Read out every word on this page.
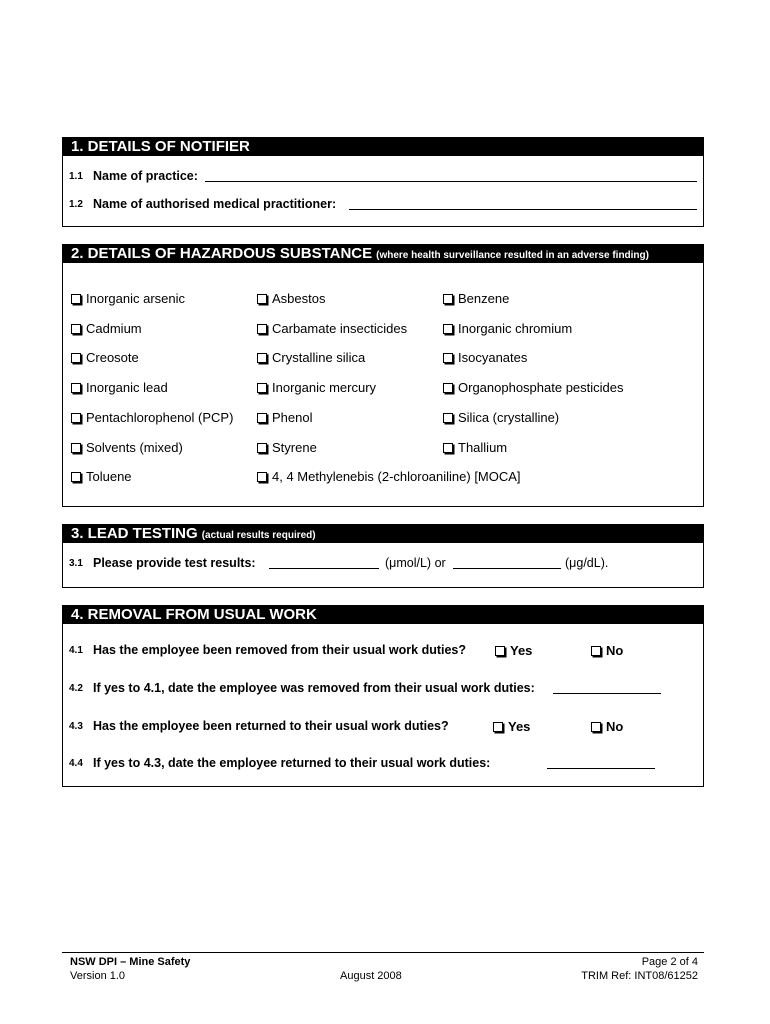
1. DETAILS OF NOTIFIER
1.1 Name of practice:
1.2 Name of authorised medical practitioner:
2. DETAILS OF HAZARDOUS SUBSTANCE (where health surveillance resulted in an adverse finding)
Inorganic arsenic	Asbestos	Benzene
Cadmium	Carbamate insecticides	Inorganic chromium
Creosote	Crystalline silica	Isocyanates
Inorganic lead	Inorganic mercury	Organophosphate pesticides
Pentachlorophenol (PCP)	Phenol	Silica (crystalline)
Solvents (mixed)	Styrene	Thallium
Toluene	4, 4 Methylenebis (2-chloroaniline) [MOCA]
3. LEAD TESTING (actual results required)
3.1 Please provide test results:	(μmol/L) or	(μg/dL).
4. REMOVAL FROM USUAL WORK
4.1 Has the employee been removed from their usual work duties?	Yes	No
4.2 If yes to 4.1, date the employee was removed from their usual work duties:
4.3 Has the employee been returned to their usual work duties?	Yes	No
4.4 If yes to 4.3, date the employee returned to their usual work duties:
NSW DPI – Mine Safety
Version 1.0	August 2008
Page 2 of 4
TRIM Ref: INT08/61252
